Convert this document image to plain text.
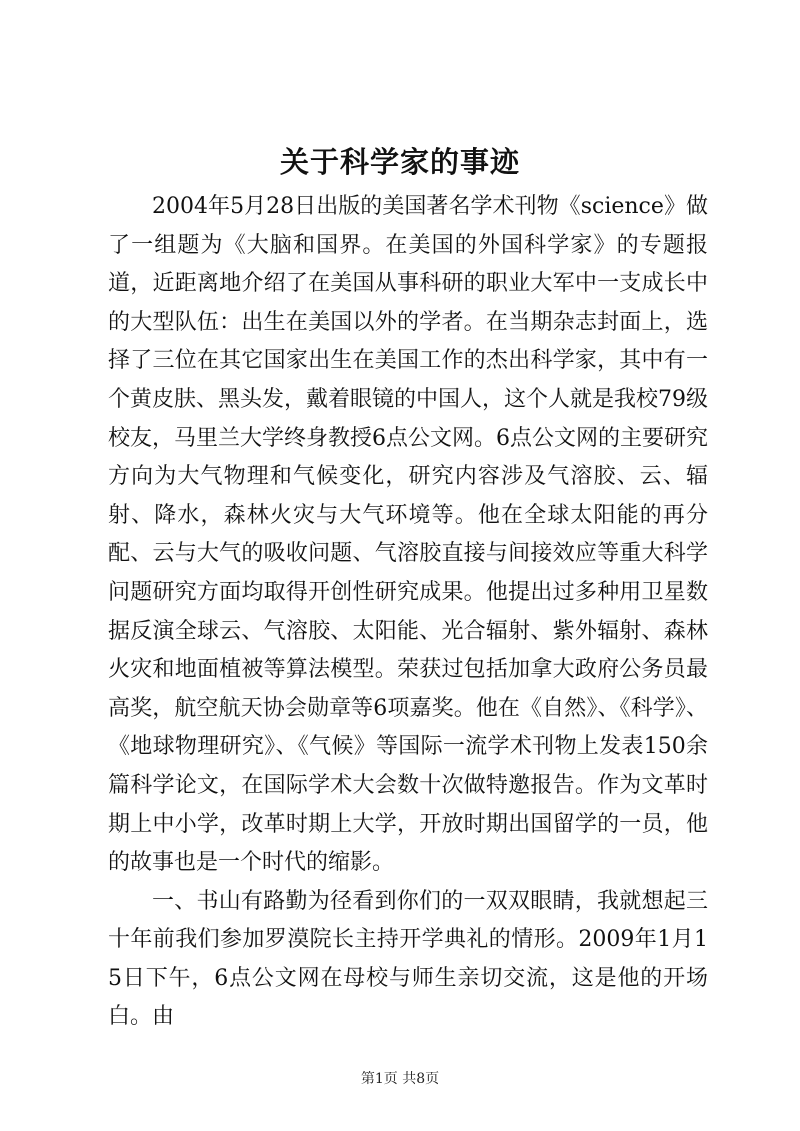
关于科学家的事迹

2004年5月28日出版的美国著名学术刊物《science》做了一组题为《大脑和国界。在美国的外国科学家》的专题报道，近距离地介绍了在美国从事科研的职业大军中一支成长中的大型队伍：出生在美国以外的学者。在当期杂志封面上，选择了三位在其它国家出生在美国工作的杰出科学家，其中有一个黄皮肤、黑头发，戴着眼镜的中国人，这个人就是我校79级校友，马里兰大学终身教授6点公文网。6点公文网的主要研究方向为大气物理和气候变化，研究内容涉及气溶胶、云、辐射、降水，森林火灾与大气环境等。他在全球太阳能的再分配、云与大气的吸收问题、气溶胶直接与间接效应等重大科学问题研究方面均取得开创性研究成果。他提出过多种用卫星数据反演全球云、气溶胶、太阳能、光合辐射、紫外辐射、森林火灾和地面植被等算法模型。荣获过包括加拿大政府公务员最高奖，航空航天协会勋章等6项嘉奖。他在《自然》、《科学》、《地球物理研究》、《气候》等国际一流学术刊物上发表150余篇科学论文，在国际学术大会数十次做特邀报告。作为文革时期上中小学，改革时期上大学，开放时期出国留学的一员，他的故事也是一个时代的缩影。

一、书山有路勤为径看到你们的一双双眼睛，我就想起三十年前我们参加罗漠院长主持开学典礼的情形。2009年1月15日下午，6点公文网在母校与师生亲切交流，这是他的开场白。由

第1页 共8页
